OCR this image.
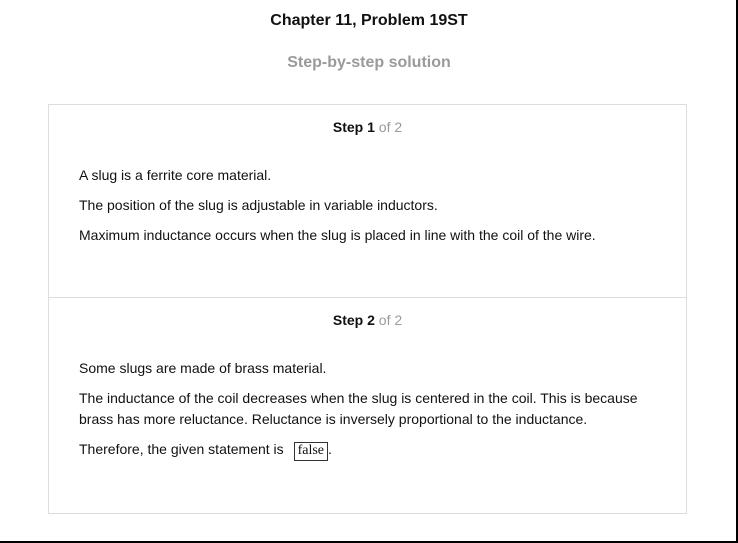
Chapter 11, Problem 19ST
Step-by-step solution
Step 1 of 2

A slug is a ferrite core material.

The position of the slug is adjustable in variable inductors.

Maximum inductance occurs when the slug is placed in line with the coil of the wire.

Step 2 of 2

Some slugs are made of brass material.

The inductance of the coil decreases when the slug is centered in the coil. This is because brass has more reluctance. Reluctance is inversely proportional to the inductance.

Therefore, the given statement is false .
